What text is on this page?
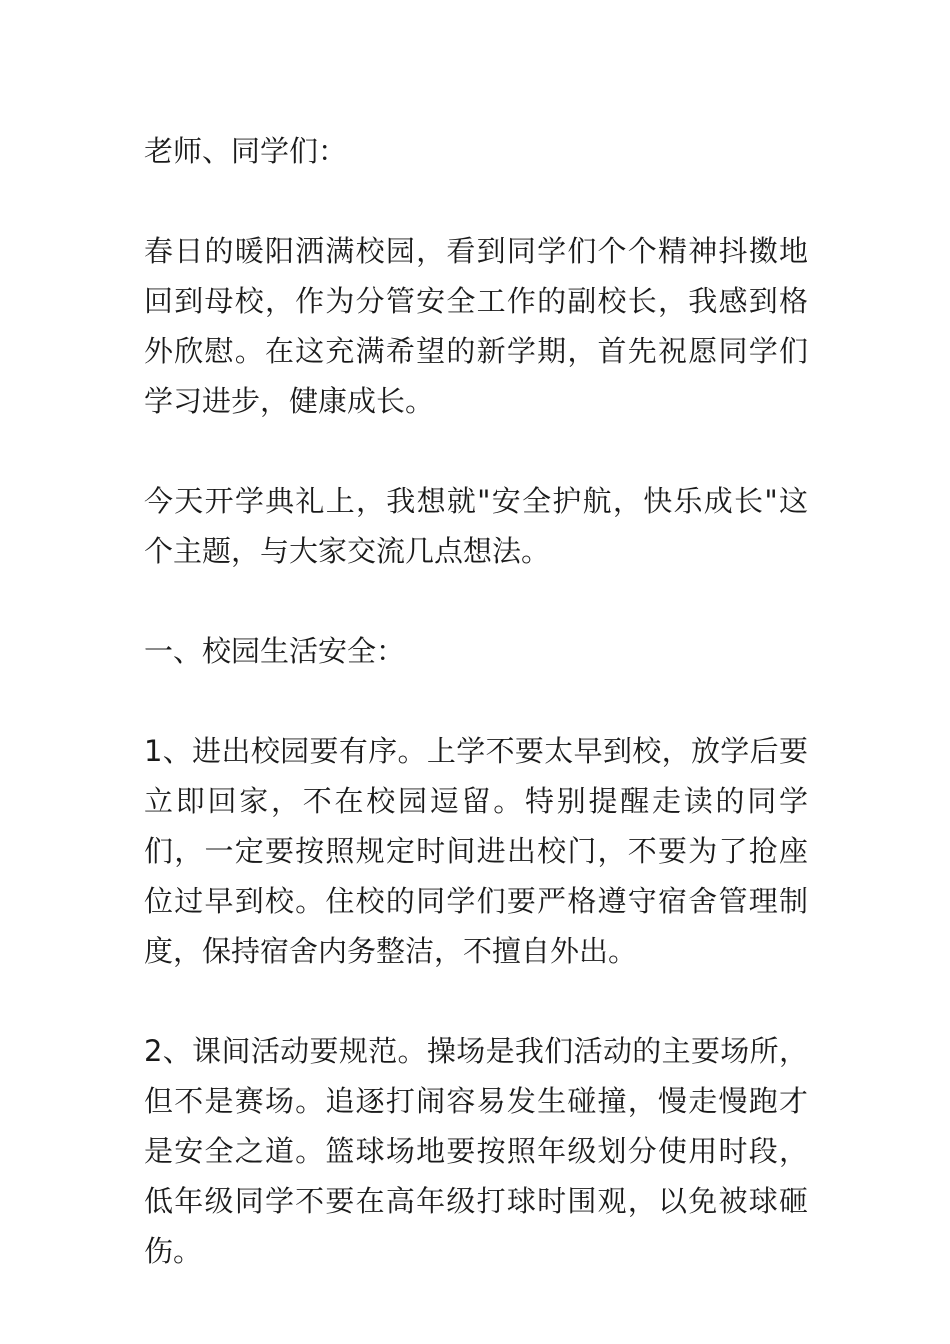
老师、同学们：

春日的暖阳洒满校园，看到同学们个个精神抖擞地回到母校，作为分管安全工作的副校长，我感到格外欣慰。在这充满希望的新学期，首先祝愿同学们学习进步，健康成长。

今天开学典礼上，我想就"安全护航，快乐成长"这个主题，与大家交流几点想法。

一、校园生活安全：

1、进出校园要有序。上学不要太早到校，放学后要立即回家，不在校园逗留。特别提醒走读的同学们，一定要按照规定时间进出校门，不要为了抢座位过早到校。住校的同学们要严格遵守宿舍管理制度，保持宿舍内务整洁，不擅自外出。

2、课间活动要规范。操场是我们活动的主要场所，但不是赛场。追逐打闹容易发生碰撞，慢走慢跑才是安全之道。篮球场地要按照年级划分使用时段，低年级同学不要在高年级打球时围观，以免被球砸伤。
